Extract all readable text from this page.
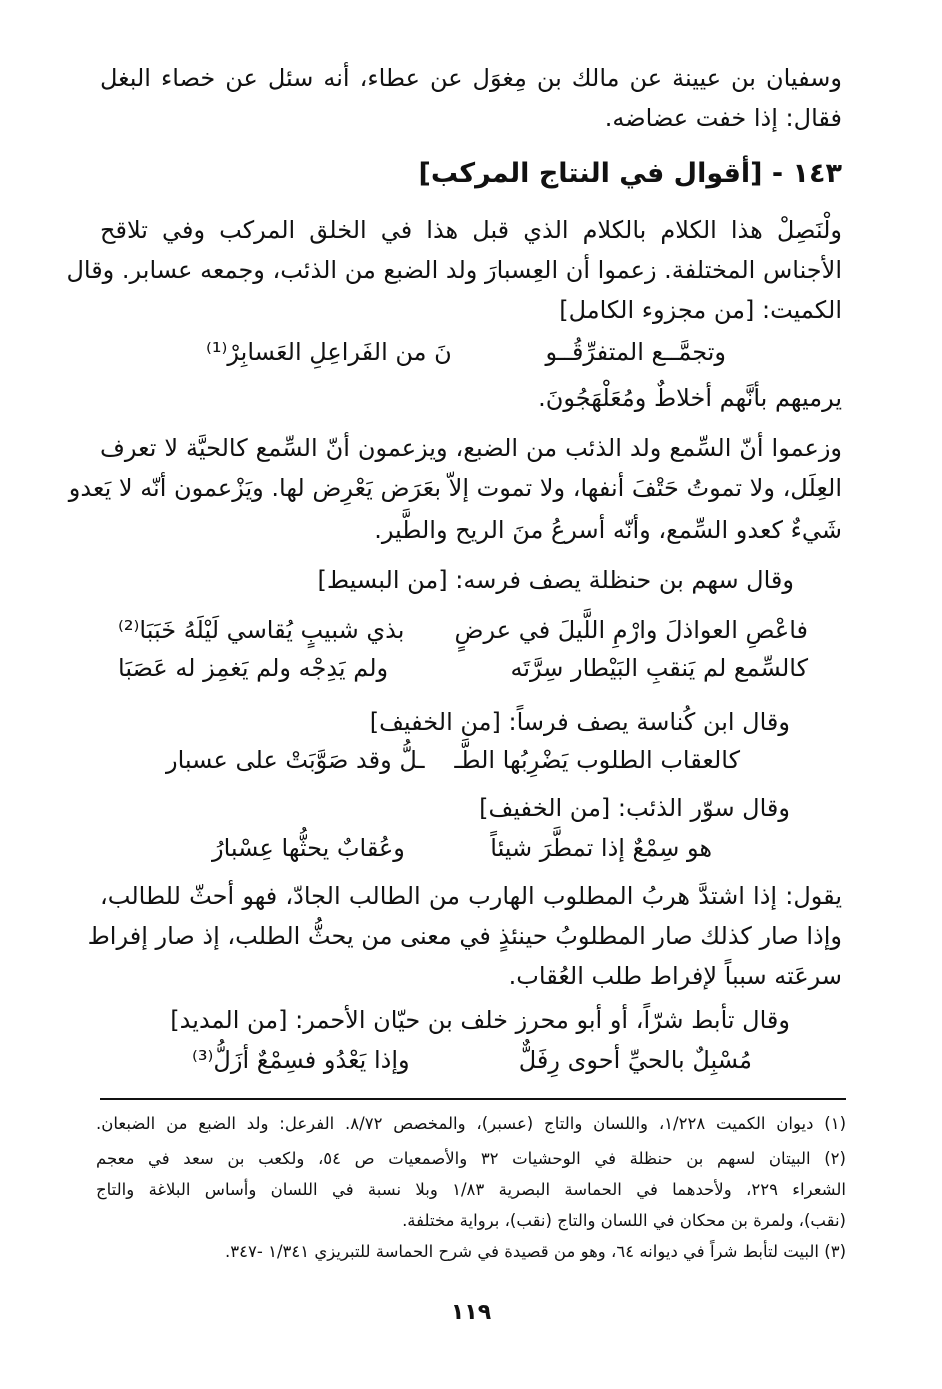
وسفيان بن عيينة عن مالك بن مِغوَل عن عطاء، أنه سئل عن خصاء البغل
فقال: إذا خفت عضاضه.
١٤٣ - [أقوال في النتاج المركب]
ولْنَصِلْ هذا الكلام بالكلام الذي قبل هذا في الخلق المركب وفي تلاقح
الأجناس المختلفة. زعموا أن العِسبارَ ولد الضبع من الذئب، وجمعه عسابر. وقال
الكميت: [من مجزوء الكامل]
وتجمَّــع المتفرِّقُــو
نَ من الفَراعِلِ العَسابِرْ⁽¹⁾
يرميهم بأنَّهم أخلاطٌ ومُعَلْهَجُونَ.
وزعموا أنّ السِّمع ولد الذئب من الضبع، ويزعمون أنّ السِّمع كالحيَّة لا تعرف
العِلَل، ولا تموتُ حَتْفَ أنفها، ولا تموت إلاّ بعَرَض يَعْرِض لها. ويَزْعمون أنّه لا يَعدو
شَيءٌ كعدو السِّمع، وأنّه أسرعُ منَ الريح والطَّير.
وقال سهم بن حنظلة يصف فرسه: [من البسيط]
فاعْصِ العواذلَ وارْمِ اللَّيلَ في عرضٍ
بذي شبيبٍ يُقاسي لَيْلَهُ خَبَبَا⁽²⁾
كالسِّمع لم يَنقبِ البَيْطار سِرَّتَه
ولم يَدِجْه ولم يَغمِز له عَصَبَا
وقال ابن كُناسة يصف فرساً: [من الخفيف]
كالعقاب الطلوب يَضْرِبُها الطَّـ
ـلُّ وقد صَوَّبَتْ على عسبار
وقال سوّر الذئب: [من الخفيف]
هو سِمْعٌ إذا تمطَّرَ شيئاً
وعُقابٌ يحثُّها عِسْبارُ
يقول: إذا اشتدَّ هربُ المطلوب الهارب من الطالب الجادّ، فهو أحثّ للطالب،
وإذا صار كذلك صار المطلوبُ حينئذٍ في معنى من يحثُّ الطلب، إذ صار إفراط
سرعَته سبباً لإفراط طلب العُقاب.
وقال تأبط شرّاً، أو أبو محرز خلف بن حيّان الأحمر: [من المديد]
مُسْبِلٌ بالحيِّ أحوى رِفَلٌّ
وإذا يَعْدُو فسِمْعٌ أزَلُّ⁽³⁾
(١) ديوان الكميت ١/٢٢٨، واللسان والتاج (عسبر)، والمخصص ٨/٧٢. الفرعل: ولد الضبع من الضبعان.
(٢) البيتان لسهم بن حنظلة في الوحشيات ٣٢ والأصمعيات ص ٥٤، ولكعب بن سعد في معجم
الشعراء ٢٢٩، ولأحدهما في الحماسة البصرية ١/٨٣ وبلا نسبة في اللسان وأساس البلاغة والتاج
(نقب)، ولمرة بن محكان في اللسان والتاج (نقب)، برواية مختلفة.
(٣) البيت لتأبط شراً في ديوانه ٦٤، وهو من قصيدة في شرح الحماسة للتبريزي ١/٣٤١ -٣٤٧.
١١٩
